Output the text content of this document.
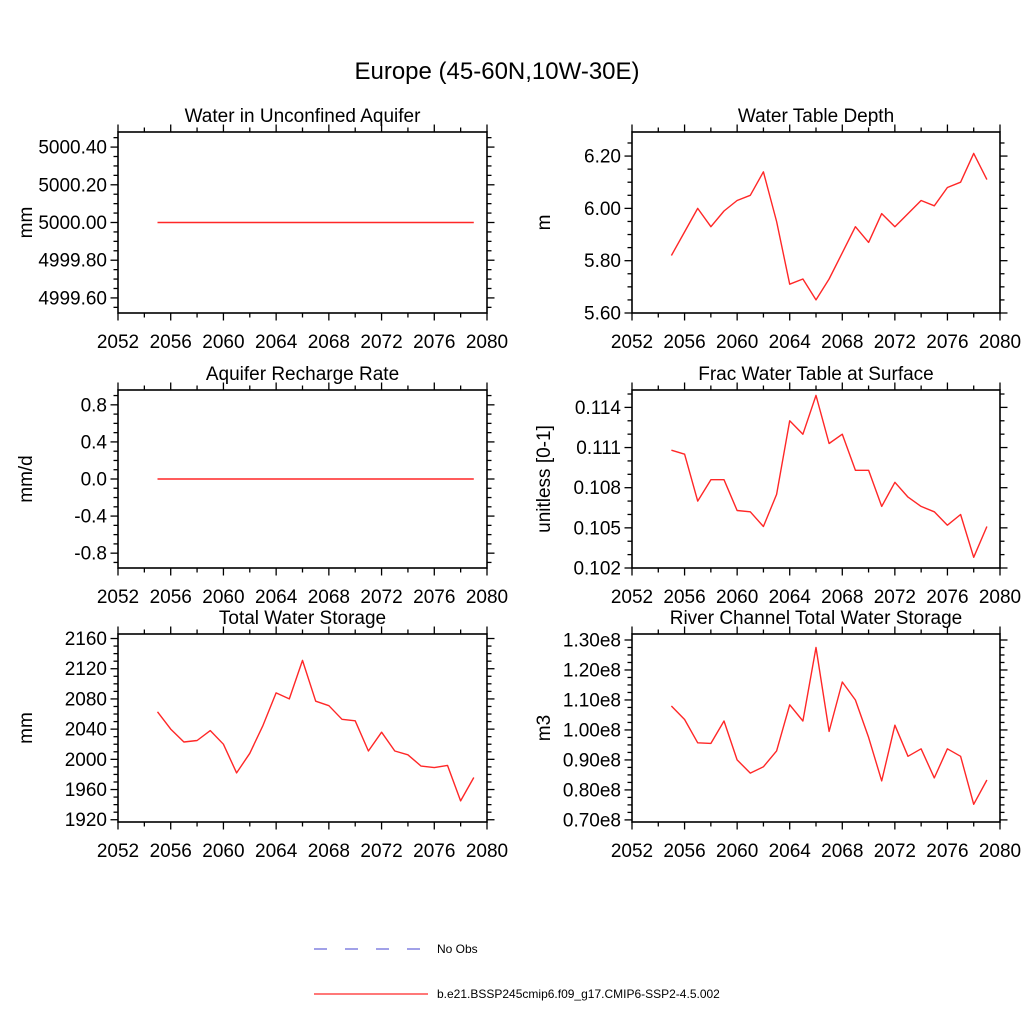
Europe (45-60N,10W-30E)
2052 2056 2060 2064 2068 2072 2076 2080
4999.60
4999.80
5000.00
5000.20
5000.40
Water in Unconfined Aquifer
mm
2052 2056 2060 2064 2068 2072 2076 2080
5.60
5.80
6.00
6.20
Water Table Depth
m
2052 2056 2060 2064 2068 2072 2076 2080
-0.8
-0.4
0.0
0.4
0.8
Aquifer Recharge Rate
mm/d
2052 2056 2060 2064 2068 2072 2076 2080
0.102
0.105
0.108
0.111
0.114
Frac Water Table at Surface
unitless [0-1]
2052 2056 2060 2064 2068 2072 2076 2080
1920
1960
2000
2040
2080
2120
2160
Total Water Storage
mm
2052 2056 2060 2064 2068 2072 2076 2080
0.70e8
0.80e8
0.90e8
1.00e8
1.10e8
1.20e8
1.30e8
River Channel Total Water Storage
m3
No Obs
b.e21.BSSP245cmip6.f09_g17.CMIP6-SSP2-4.5.002
